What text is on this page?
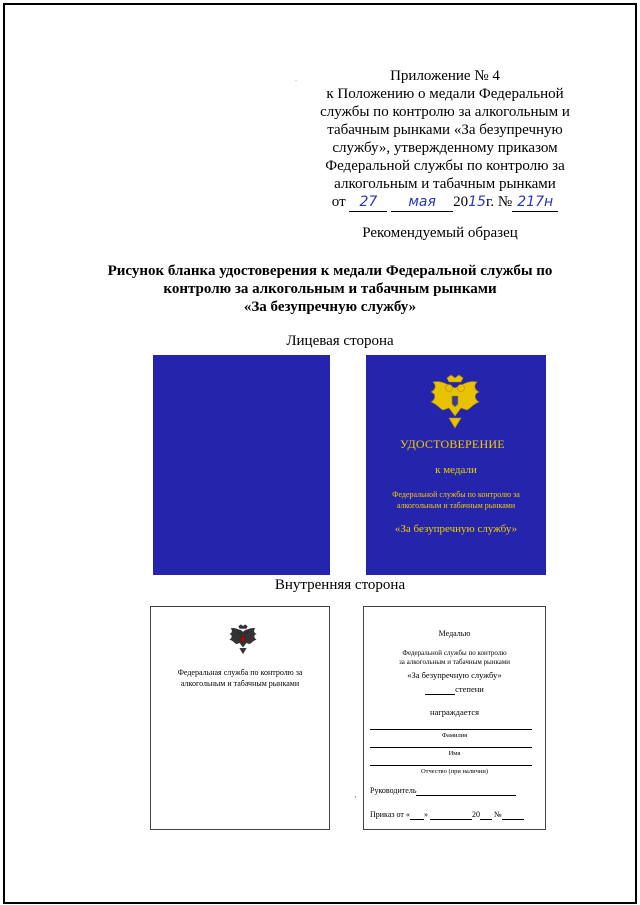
·	Приложение № 4
к Положению о медали Федеральной
службы по контролю за алкогольным и
табачным рынками «За безупречную
службу», утвержденному приказом
Федеральной службы по контролю за
алкогольным и табачным рынками
от 27 мая 2015г. № 217н
Рекомендуемый образец
Рисунок бланка удостоверения к медали Федеральной службы по
контролю за алкогольным и табачным рынками
«За безупречную службу»
Лицевая сторона
УДОСТОВЕРЕНИЕ
к медали
Федеральной службы по контролю за
алкогольным и табачным рынками
«За безупречную службу»
Внутренняя сторона
Федеральная служба по контролю за
алкогольным и табачным рынками
Медалью
Федеральной службы по контролю
за алкогольным и табачным рынками
«За безупречную службу»
степени
награждается
Фамилия
Имя
Отчество (при наличии)
Руководитель
Приказ от « »	20 №
·
